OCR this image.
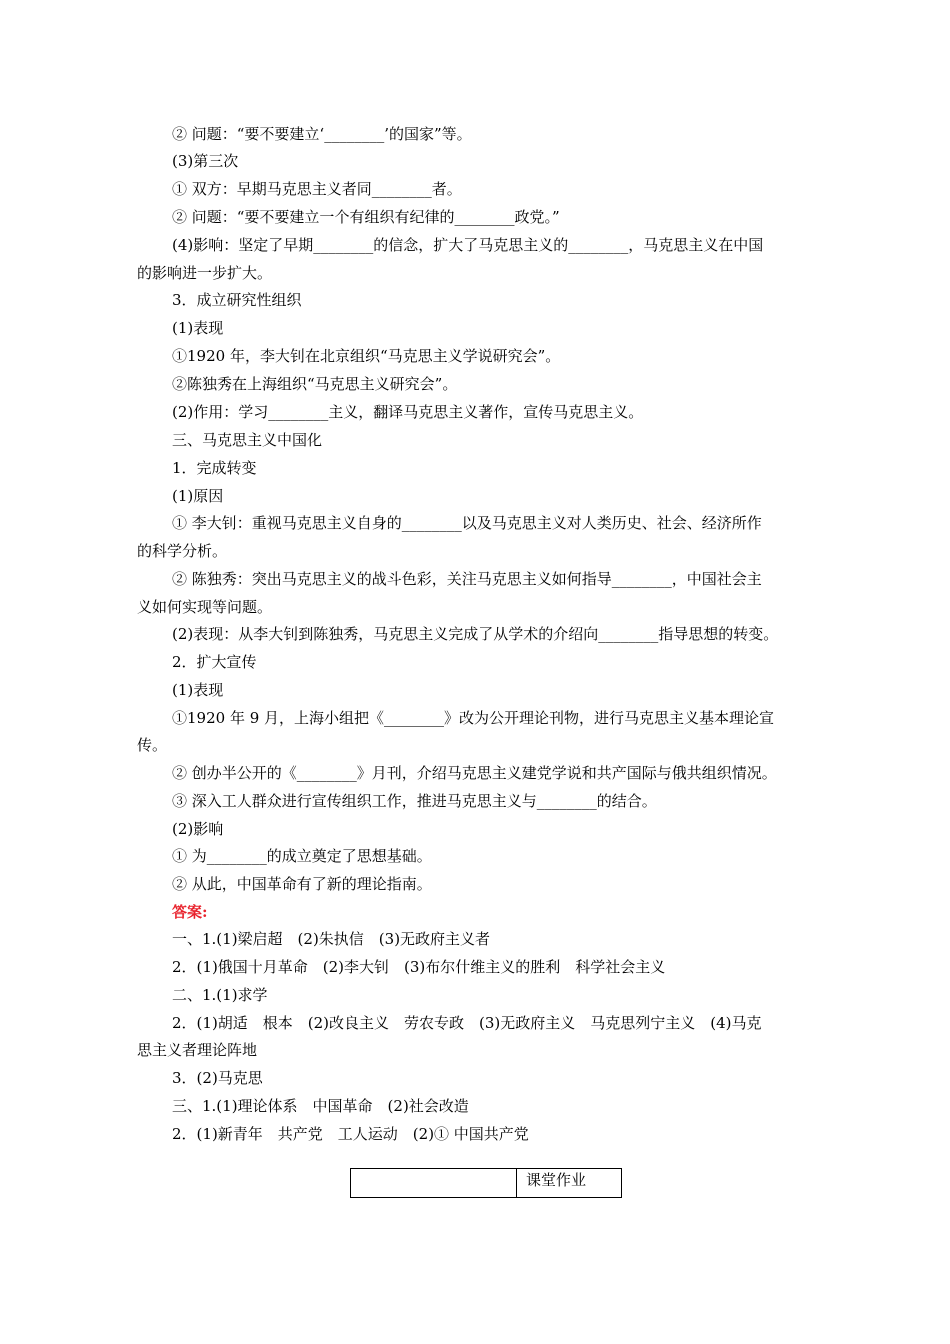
② 问题：“要不要建立‘________’的国家”等。
(3)第三次
① 双方：早期马克思主义者同________者。
② 问题：“要不要建立一个有组织有纪律的________政党。”
(4)影响：坚定了早期________的信念，扩大了马克思主义的________，马克思主义在中国
的影响进一步扩大。
3．成立研究性组织
(1)表现
①1920 年，李大钊在北京组织“马克思主义学说研究会”。
②陈独秀在上海组织“马克思主义研究会”。
(2)作用：学习________主义，翻译马克思主义著作，宣传马克思主义。
三、马克思主义中国化
1．完成转变
(1)原因
① 李大钊：重视马克思主义自身的________以及马克思主义对人类历史、社会、经济所作
的科学分析。
② 陈独秀：突出马克思主义的战斗色彩，关注马克思主义如何指导________，中国社会主
义如何实现等问题。
(2)表现：从李大钊到陈独秀，马克思主义完成了从学术的介绍向________指导思想的转变。
2．扩大宣传
(1)表现
①1920 年 9 月，上海小组把《________》改为公开理论刊物，进行马克思主义基本理论宣
传。
② 创办半公开的《________》月刊，介绍马克思主义建党学说和共产国际与俄共组织情况。
③ 深入工人群众进行宣传组织工作，推进马克思主义与________的结合。
(2)影响
① 为________的成立奠定了思想基础。
② 从此，中国革命有了新的理论指南。
答案:
一、1.(1)梁启超　(2)朱执信　(3)无政府主义者
2．(1)俄国十月革命　(2)李大钊　(3)布尔什维主义的胜利　科学社会主义
二、1.(1)求学
2．(1)胡适　根本　(2)改良主义　劳农专政　(3)无政府主义　马克思列宁主义　(4)马克
思主义者理论阵地
3．(2)马克思
三、1.(1)理论体系　中国革命　(2)社会改造
2．(1)新青年　共产党　工人运动　(2)① 中国共产党
课堂作业
